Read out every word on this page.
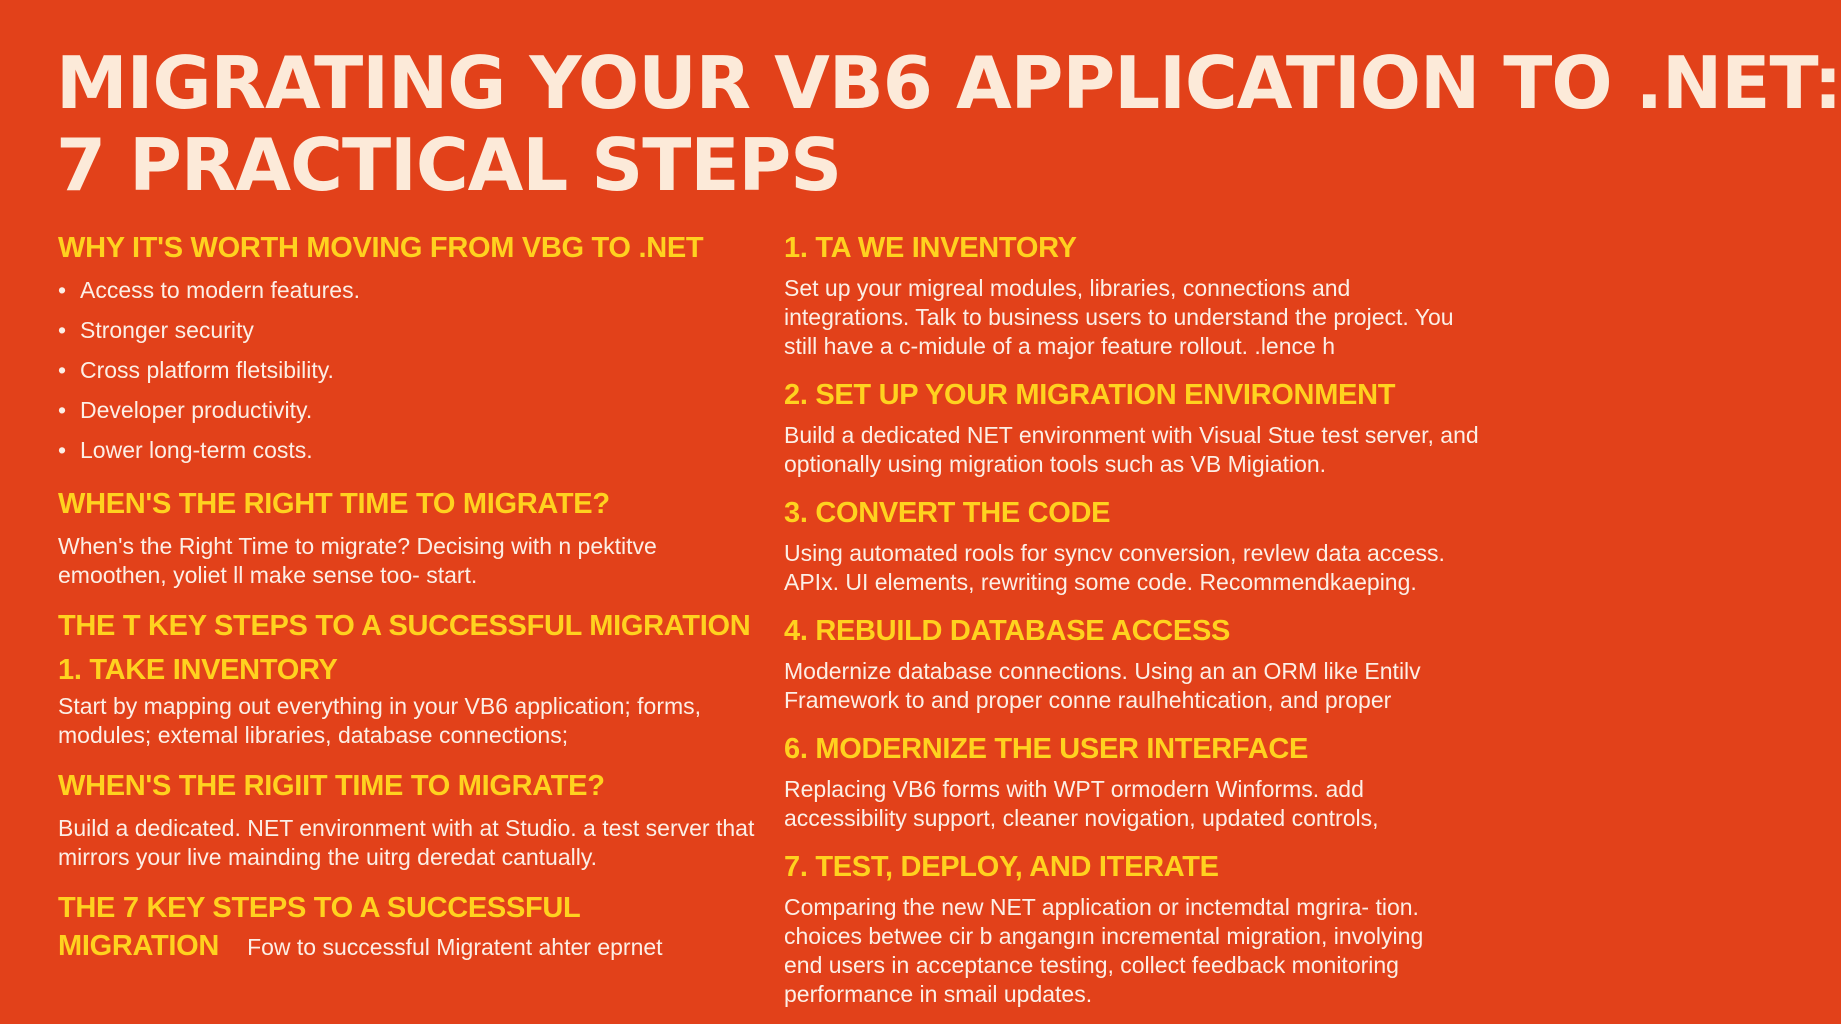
MIGRATING YOUR VB6 APPLICATION TO .NET:
7 PRACTICAL STEPS
WHY IT'S WORTH MOVING FROM VBG TO .NET
• Access to modern features.
• Stronger security
• Cross platform fletsibility.
• Developer productivity.
• Lower long-term costs.
WHEN'S THE RIGHT TIME TO MIGRATE?
When's the Right Time to migrate? Decising with n pektitve emoothen, yoliet ll make sense too- start.
THE T KEY STEPS TO A SUCCESSFUL MIGRATION
1. TAKE INVENTORY
Start by mapping out everything in your VB6 application; forms, modules; extemal libraries, database connections;
WHEN'S THE RIGIIT TIME TO MIGRATE?
Build a dedicated. NET environment with at Studio. a test server that mirrors your live mainding the uitrg deredat cantually.
THE 7 KEY STEPS TO A SUCCESSFUL
MIGRATION Fow to successful Migratent ahter eprnet
1. TA WE INVENTORY
Set up your migreal modules, libraries, connections and integrations. Talk to business users to understand the project. You still have a c-midule of a major feature rollout. .lence h
2. SET UP YOUR MIGRATION ENVIRONMENT
Build a dedicated NET environment with Visual Stue test server, and optionally using migration tools such as VB Migiation.
3. CONVERT THE CODE
Using automated rools for syncv conversion, revlew data access. APIx. UI elements, rewriting some code. Recommendkaeping.
4. REBUILD DATABASE ACCESS
Modernize database connections. Using an an ORM like Entilv Framework to and proper conne raulhehtication, and proper
6. MODERNIZE THE USER INTERFACE
Replacing VB6 forms with WPT ormodern Winforms. add accessibility support, cleaner novigation, updated controls,
7. TEST, DEPLOY, AND ITERATE
Comparing the new NET application or inctemdtal mgrira- tion. choices betwee cir b angangın incremental migration, involying end users in acceptance testing, collect feedback monitoring performance in smail updates.
